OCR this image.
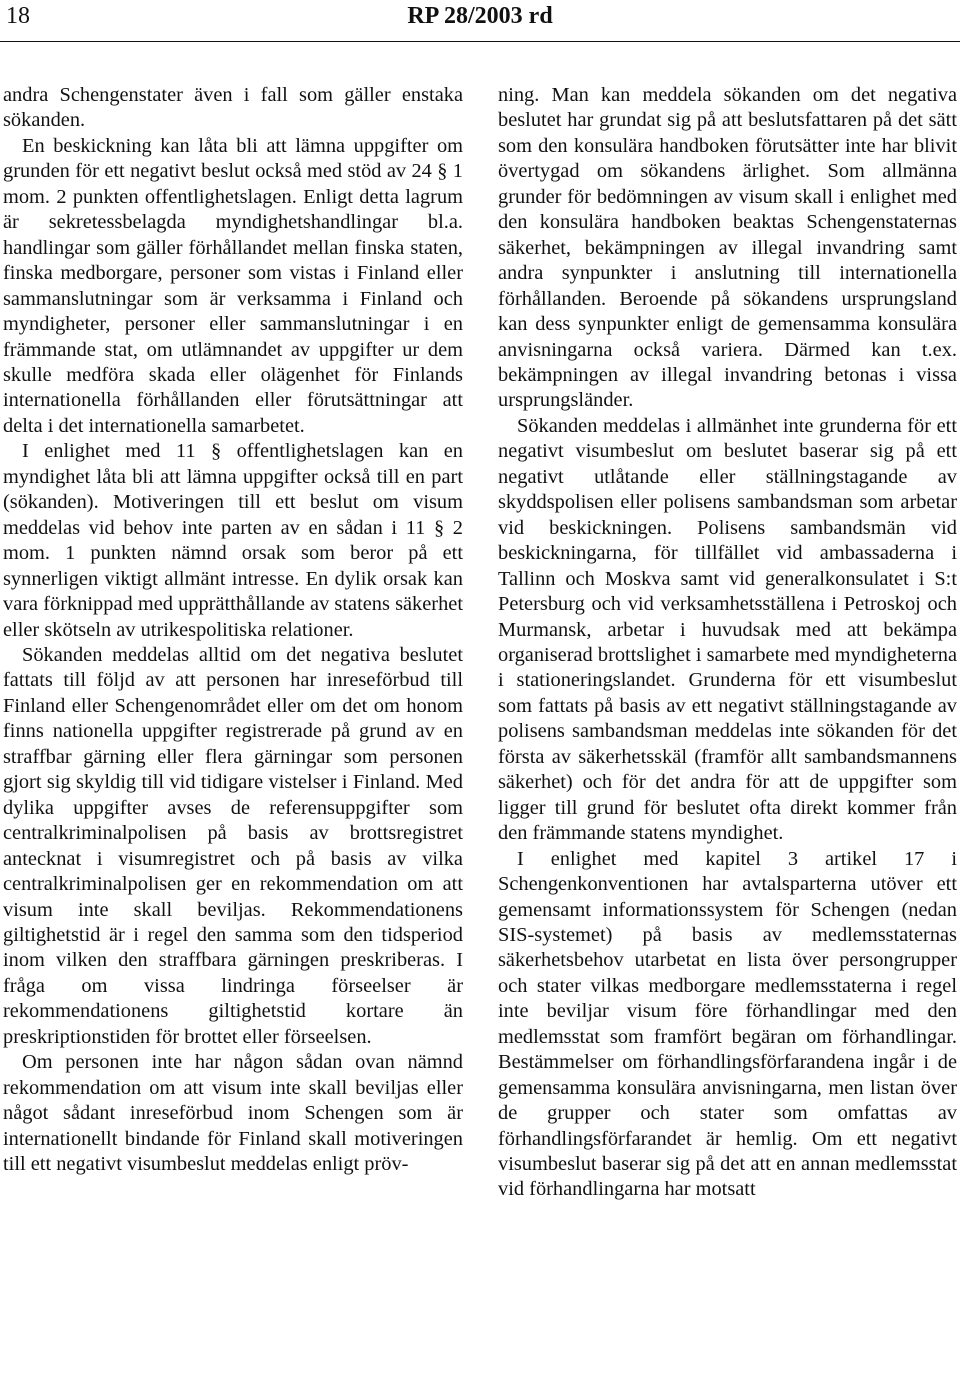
18	RP 28/2003 rd

andra Schengenstater även i fall som gäller enstaka sökanden.

En beskickning kan låta bli att lämna uppgifter om grunden för ett negativt beslut också med stöd av 24 § 1 mom. 2 punkten offentlighetslagen. Enligt detta lagrum är sekretessbelagda myndighetshandlingar bl.a. handlingar som gäller förhållandet mellan finska staten, finska medborgare, personer som vistas i Finland eller sammanslutningar som är verksamma i Finland och myndigheter, personer eller sammanslutningar i en främmande stat, om utlämnandet av uppgifter ur dem skulle medföra skada eller olägenhet för Finlands internationella förhållanden eller förutsättningar att delta i det internationella samarbetet.

I enlighet med 11 § offentlighetslagen kan en myndighet låta bli att lämna uppgifter också till en part (sökanden). Motiveringen till ett beslut om visum meddelas vid behov inte parten av en sådan i 11 § 2 mom. 1 punkten nämnd orsak som beror på ett synnerligen viktigt allmänt intresse. En dylik orsak kan vara förknippad med upprätthållande av statens säkerhet eller skötseln av utrikespolitiska relationer.

Sökanden meddelas alltid om det negativa beslutet fattats till följd av att personen har inreseförbud till Finland eller Schengenområdet eller om det om honom finns nationella uppgifter registrerade på grund av en straffbar gärning eller flera gärningar som personen gjort sig skyldig till vid tidigare vistelser i Finland. Med dylika uppgifter avses de referensuppgifter som centralkriminalpolisen på basis av brottsregistret antecknat i visumregistret och på basis av vilka centralkriminalpolisen ger en rekommendation om att visum inte skall beviljas. Rekommendationens giltighetstid är i regel den samma som den tidsperiod inom vilken den straffbara gärningen preskriberas. I fråga om vissa lindringa förseelser är rekommendationens giltighetstid kortare än preskriptionstiden för brottet eller förseelsen.

Om personen inte har någon sådan ovan nämnd rekommendation om att visum inte skall beviljas eller något sådant inreseförbud inom Schengen som är internationellt bindande för Finland skall motiveringen till ett negativt visumbeslut meddelas enligt pröv-

ning. Man kan meddela sökanden om det negativa beslutet har grundat sig på att beslutsfattaren på det sätt som den konsulära handboken förutsätter inte har blivit övertygad om sökandens ärlighet. Som allmänna grunder för bedömningen av visum skall i enlighet med den konsulära handboken beaktas Schengenstaternas säkerhet, bekämpningen av illegal invandring samt andra synpunkter i anslutning till internationella förhållanden. Beroende på sökandens ursprungsland kan dess synpunkter enligt de gemensamma konsulära anvisningarna också variera. Därmed kan t.ex. bekämpningen av illegal invandring betonas i vissa ursprungsländer.

Sökanden meddelas i allmänhet inte grunderna för ett negativt visumbeslut om beslutet baserar sig på ett negativt utlåtande eller ställningstagande av skyddspolisen eller polisens sambandsman som arbetar vid beskickningen. Polisens sambandsmän vid beskickningarna, för tillfället vid ambassaderna i Tallinn och Moskva samt vid generalkonsulatet i S:t Petersburg och vid verksamhetsställena i Petroskoj och Murmansk, arbetar i huvudsak med att bekämpa organiserad brottslighet i samarbete med myndigheterna i stationeringslandet. Grunderna för ett visumbeslut som fattats på basis av ett negativt ställningstagande av polisens sambandsman meddelas inte sökanden för det första av säkerhetsskäl (framför allt sambandsmannens säkerhet) och för det andra för att de uppgifter som ligger till grund för beslutet ofta direkt kommer från den främmande statens myndighet.

I enlighet med kapitel 3 artikel 17 i Schengenkonventionen har avtalsparterna utöver ett gemensamt informationssystem för Schengen (nedan SIS-systemet) på basis av medlemsstaternas säkerhetsbehov utarbetat en lista över persongrupper och stater vilkas medborgare medlemsstaterna i regel inte beviljar visum före förhandlingar med den medlemsstat som framfört begäran om förhandlingar. Bestämmelser om förhandlingsförfarandena ingår i de gemensamma konsulära anvisningarna, men listan över de grupper och stater som omfattas av förhandlingsförfarandet är hemlig. Om ett negativt visumbeslut baserar sig på det att en annan medlemsstat vid förhandlingarna har motsatt
